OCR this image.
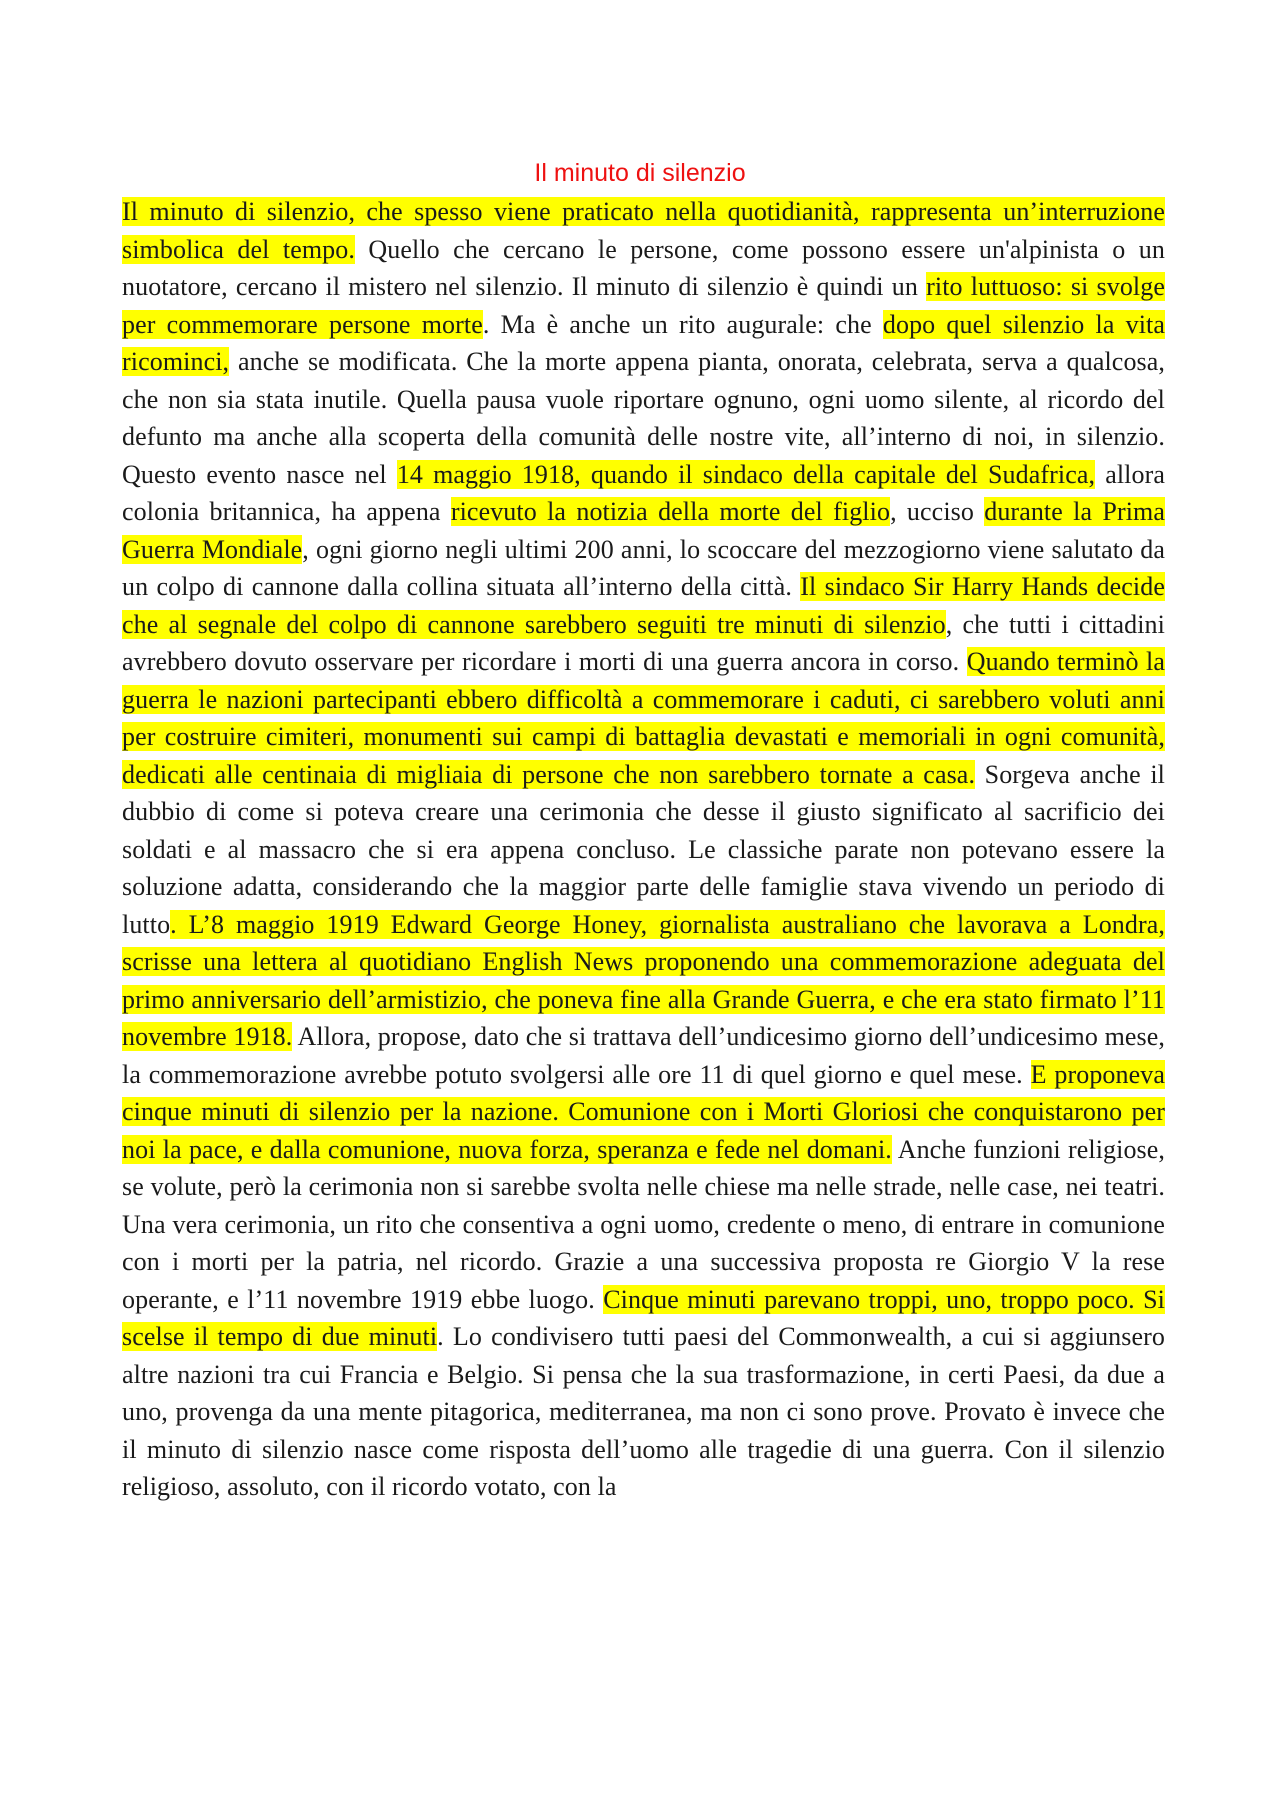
Il minuto di silenzio
Il minuto di silenzio, che spesso viene praticato nella quotidianità, rappresenta un’interruzione simbolica del tempo. Quello che cercano le persone, come possono essere un'alpinista o un nuotatore, cercano il mistero nel silenzio. Il minuto di silenzio è quindi un rito luttuoso: si svolge per commemorare persone morte. Ma è anche un rito augurale: che dopo quel silenzio la vita ricominci, anche se modificata. Che la morte appena pianta, onorata, celebrata, serva a qualcosa, che non sia stata inutile. Quella pausa vuole riportare ognuno, ogni uomo silente, al ricordo del defunto ma anche alla scoperta della comunità delle nostre vite, all’interno di noi, in silenzio. Questo evento nasce nel 14 maggio 1918, quando il sindaco della capitale del Sudafrica, allora colonia britannica, ha appena ricevuto la notizia della morte del figlio, ucciso durante la Prima Guerra Mondiale, ogni giorno negli ultimi 200 anni, lo scoccare del mezzogiorno viene salutato da un colpo di cannone dalla collina situata all’interno della città. Il sindaco Sir Harry Hands decide che al segnale del colpo di cannone sarebbero seguiti tre minuti di silenzio, che tutti i cittadini avrebbero dovuto osservare per ricordare i morti di una guerra ancora in corso. Quando terminò la guerra le nazioni partecipanti ebbero difficoltà a commemorare i caduti, ci sarebbero voluti anni per costruire cimiteri, monumenti sui campi di battaglia devastati e memoriali in ogni comunità, dedicati alle centinaia di migliaia di persone che non sarebbero tornate a casa. Sorgeva anche il dubbio di come si poteva creare una cerimonia che desse il giusto significato al sacrificio dei soldati e al massacro che si era appena concluso. Le classiche parate non potevano essere la soluzione adatta, considerando che la maggior parte delle famiglie stava vivendo un periodo di lutto. L’8 maggio 1919 Edward George Honey, giornalista australiano che lavorava a Londra, scrisse una lettera al quotidiano English News proponendo una commemorazione adeguata del primo anniversario dell’armistizio, che poneva fine alla Grande Guerra, e che era stato firmato l’11 novembre 1918. Allora, propose, dato che si trattava dell’undicesimo giorno dell’undicesimo mese, la commemorazione avrebbe potuto svolgersi alle ore 11 di quel giorno e quel mese. E proponeva cinque minuti di silenzio per la nazione. Comunione con i Morti Gloriosi che conquistarono per noi la pace, e dalla comunione, nuova forza, speranza e fede nel domani. Anche funzioni religiose, se volute, però la cerimonia non si sarebbe svolta nelle chiese ma nelle strade, nelle case, nei teatri. Una vera cerimonia, un rito che consentiva a ogni uomo, credente o meno, di entrare in comunione con i morti per la patria, nel ricordo. Grazie a una successiva proposta re Giorgio V la rese operante, e l’11 novembre 1919 ebbe luogo. Cinque minuti parevano troppi, uno, troppo poco. Si scelse il tempo di due minuti. Lo condivisero tutti paesi del Commonwealth, a cui si aggiunsero altre nazioni tra cui Francia e Belgio. Si pensa che la sua trasformazione, in certi Paesi, da due a uno, provenga da una mente pitagorica, mediterranea, ma non ci sono prove. Provato è invece che il minuto di silenzio nasce come risposta dell’uomo alle tragedie di una guerra. Con il silenzio religioso, assoluto, con il ricordo votato, con la
